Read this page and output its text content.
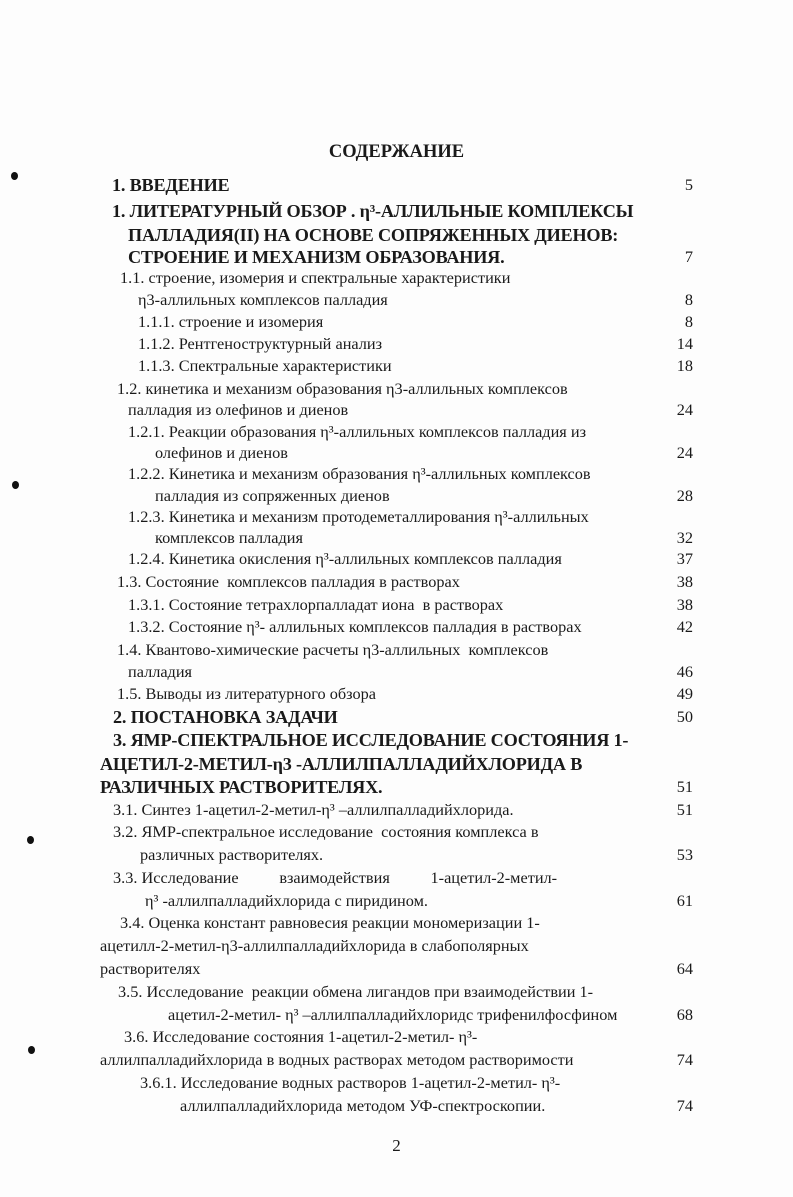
СОДЕРЖАНИЕ
1. ВВЕДЕНИЕ	5
1. ЛИТЕРАТУРНЫЙ ОБЗОР . η³-АЛЛИЛЬНЫЕ КОМПЛЕКСЫ
ПАЛЛАДИЯ(II) НА ОСНОВЕ СОПРЯЖЕННЫХ ДИЕНОВ:
СТРОЕНИЕ И МЕХАНИЗМ ОБРАЗОВАНИЯ.	7
1.1. строение, изомерия и спектральные характеристики
η3-аллильных комплексов палладия	8
1.1.1. строение и изомерия	8
1.1.2. Рентгеноструктурный анализ	14
1.1.3. Спектральные характеристики	18
1.2. кинетика и механизм образования η3-аллильных комплексов
палладия из олефинов и диенов	24
1.2.1. Реакции образования η³-аллильных комплексов палладия из
олефинов и диенов	24
1.2.2. Кинетика и механизм образования η³-аллильных комплексов
палладия из сопряженных диенов	28
1.2.3. Кинетика и механизм протодеметаллирования η³-аллильных
комплексов палладия	32
1.2.4. Кинетика окисления η³-аллильных комплексов палладия	37
1.3. Состояние  комплексов палладия в растворах	38
1.3.1. Состояние тетрахлорпалладат иона  в растворах	38
1.3.2. Состояние η³- аллильных комплексов палладия в растворах	42
1.4. Квантово-химические расчеты η3-аллильных  комплексов
палладия	46
1.5. Выводы из литературного обзора	49
2. ПОСТАНОВКА ЗАДАЧИ	50
3. ЯМР-СПЕКТРАЛЬНОЕ ИССЛЕДОВАНИЕ СОСТОЯНИЯ 1-
АЦЕТИЛ-2-МЕТИЛ-η3 -АЛЛИЛПАЛЛАДИЙХЛОРИДА В
РАЗЛИЧНЫХ РАСТВОРИТЕЛЯХ.	51
3.1. Синтез 1-ацетил-2-метил-η³ –аллилпалладийхлорида.	51
3.2. ЯМР-спектральное исследование  состояния комплекса в
различных растворителях.	53
3.3. Исследование          взаимодействия          1-ацетил-2-метил-
η³ -аллилпалладийхлорида с пиридином.	61
3.4. Оценка констант равновесия реакции мономеризации 1-
ацетилл-2-метил-η3-аллилпалладийхлорида в слабополярных
растворителях	64
3.5. Исследование  реакции обмена лигандов при взаимодействии 1-
ацетил-2-метил- η³ –аллилпалладийхлоридс трифенилфосфином	68
3.6. Исследование состояния 1-ацетил-2-метил- η³-
аллилпалладийхлорида в водных растворах методом растворимости	74
3.6.1. Исследование водных растворов 1-ацетил-2-метил- η³-
аллилпалладийхлорида методом УФ-спектроскопии.	74
2
